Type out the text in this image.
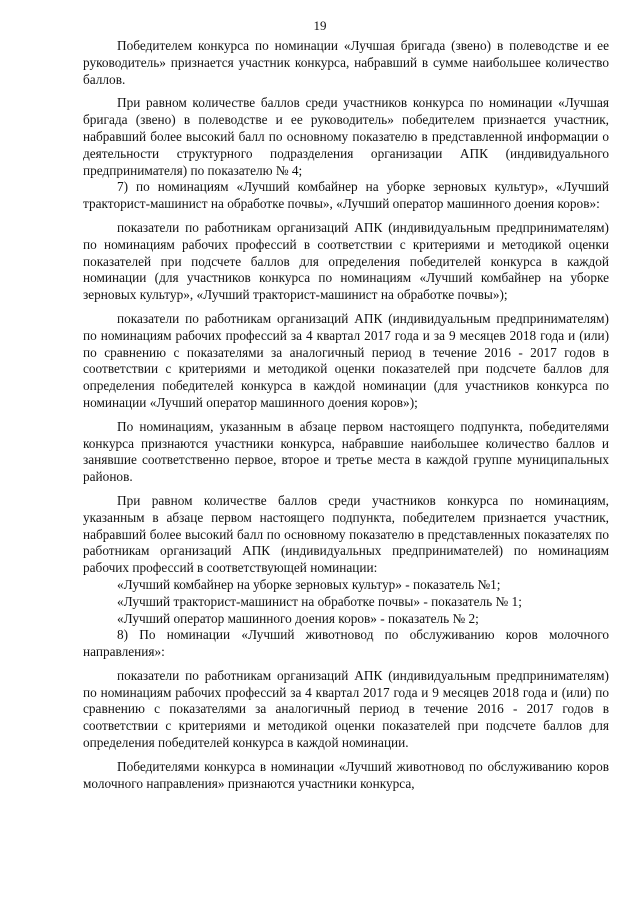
19

Победителем конкурса по номинации «Лучшая бригада (звено) в полеводстве и ее руководитель» признается участник конкурса, набравший в сумме наибольшее количество баллов.

При равном количестве баллов среди участников конкурса по номинации «Лучшая бригада (звено) в полеводстве и ее руководитель» победителем признается участник, набравший более высокий балл по основному показателю в представленной информации о деятельности структурного подразделения организации АПК (индивидуального предпринимателя) по показателю № 4;

7) по номинациям «Лучший комбайнер на уборке зерновых культур», «Лучший тракторист-машинист на обработке почвы», «Лучший оператор машинного доения коров»:

показатели по работникам организаций АПК (индивидуальным предпринимателям) по номинациям рабочих профессий в соответствии с критериями и методикой оценки показателей при подсчете баллов для определения победителей конкурса в каждой номинации (для участников конкурса по номинациям «Лучший комбайнер на уборке зерновых культур», «Лучший тракторист-машинист на обработке почвы»);

показатели по работникам организаций АПК (индивидуальным предпринимателям) по номинациям рабочих профессий за 4 квартал 2017 года и за 9 месяцев 2018 года и (или) по сравнению с показателями за аналогичный период в течение 2016 - 2017 годов в соответствии с критериями и методикой оценки показателей при подсчете баллов для определения победителей конкурса в каждой номинации (для участников конкурса по номинации «Лучший оператор машинного доения коров»);

По номинациям, указанным в абзаце первом настоящего подпункта, победителями конкурса признаются участники конкурса, набравшие наибольшее количество баллов и занявшие соответственно первое, второе и третье места в каждой группе муниципальных районов.

При равном количестве баллов среди участников конкурса по номинациям, указанным в абзаце первом настоящего подпункта, победителем признается участник, набравший более высокий балл по основному показателю в представленных показателях по работникам организаций АПК (индивидуальных предпринимателей) по номинациям рабочих профессий в соответствующей номинации:

«Лучший комбайнер на уборке зерновых культур» - показатель №1;

«Лучший тракторист-машинист на обработке почвы» - показатель № 1;

«Лучший оператор машинного доения коров» - показатель № 2;

8) По номинации «Лучший животновод по обслуживанию коров молочного направления»:

показатели по работникам организаций АПК (индивидуальным предпринимателям) по номинациям рабочих профессий за 4 квартал 2017 года и 9 месяцев 2018 года и (или) по сравнению с показателями за аналогичный период в течение 2016 - 2017 годов в соответствии с критериями и методикой оценки показателей при подсчете баллов для определения победителей конкурса в каждой номинации.

Победителями конкурса в номинации «Лучший животновод по обслуживанию коров молочного направления» признаются участники конкурса,
